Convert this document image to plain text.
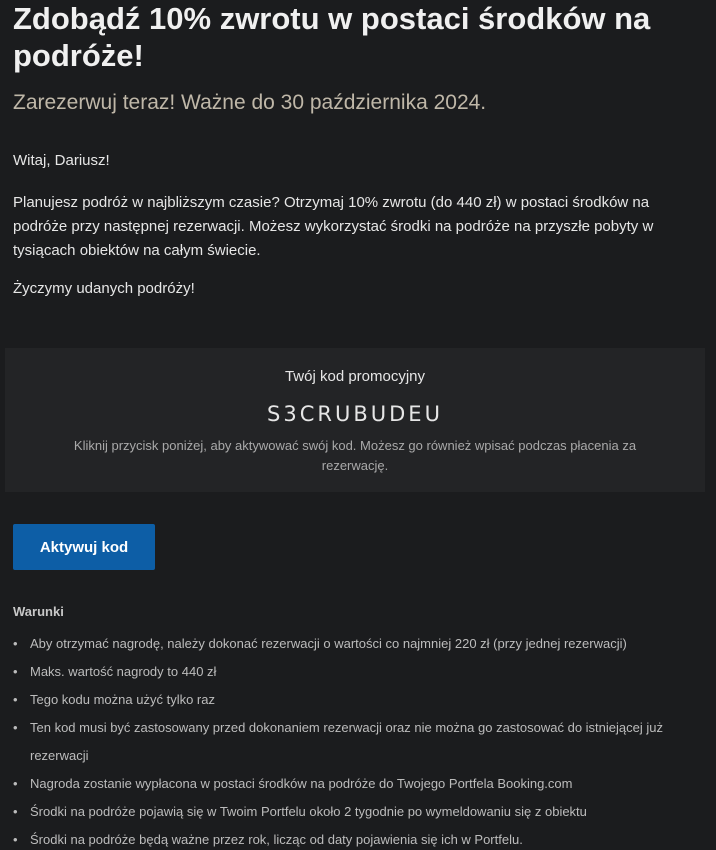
Zdobądź 10% zwrotu w postaci środków na podróże!
Zarezerwuj teraz! Ważne do 30 października 2024.
Witaj, Dariusz!
Planujesz podróż w najbliższym czasie? Otrzymaj 10% zwrotu (do 440 zł) w postaci środków na podróże przy następnej rezerwacji. Możesz wykorzystać środki na podróże na przyszłe pobyty w tysiącach obiektów na całym świecie.
Życzymy udanych podróży!
Twój kod promocyjny
S3CRUBUDEU
Kliknij przycisk poniżej, aby aktywować swój kod. Możesz go również wpisać podczas płacenia za rezerwację.
Aktywuj kod
Warunki
• Aby otrzymać nagrodę, należy dokonać rezerwacji o wartości co najmniej 220 zł (przy jednej rezerwacji)
• Maks. wartość nagrody to 440 zł
• Tego kodu można użyć tylko raz
• Ten kod musi być zastosowany przed dokonaniem rezerwacji oraz nie można go zastosować do istniejącej już rezerwacji
• Nagroda zostanie wypłacona w postaci środków na podróże do Twojego Portfela Booking.com
• Środki na podróże pojawią się w Twoim Portfelu około 2 tygodnie po wymeldowaniu się z obiektu
• Środki na podróże będą ważne przez rok, licząc od daty pojawienia się ich w Portfelu.
